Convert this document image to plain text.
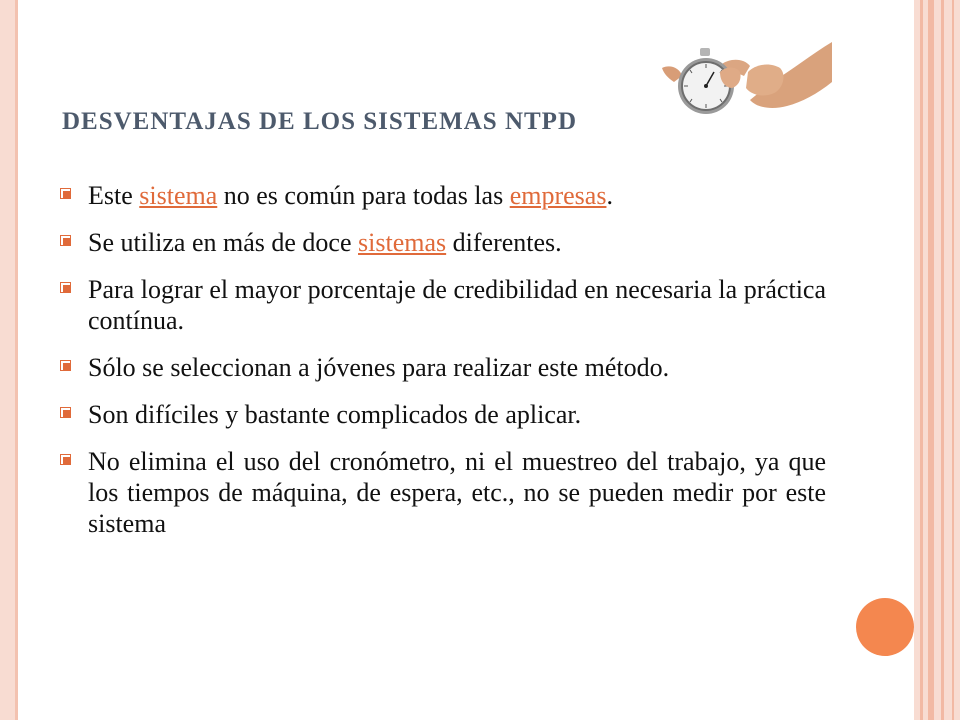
DESVENTAJAS DE LOS SISTEMAS NTPD
Este sistema no es común para todas las empresas.
Se utiliza en más de doce sistemas diferentes.
Para lograr el mayor porcentaje de credibilidad en necesaria la práctica contínua.
Sólo se seleccionan a jóvenes para realizar este método.
Son difíciles y bastante complicados de aplicar.
No elimina el uso del cronómetro, ni el muestreo del trabajo, ya que los tiempos de máquina, de espera, etc., no se pueden medir por este sistema
